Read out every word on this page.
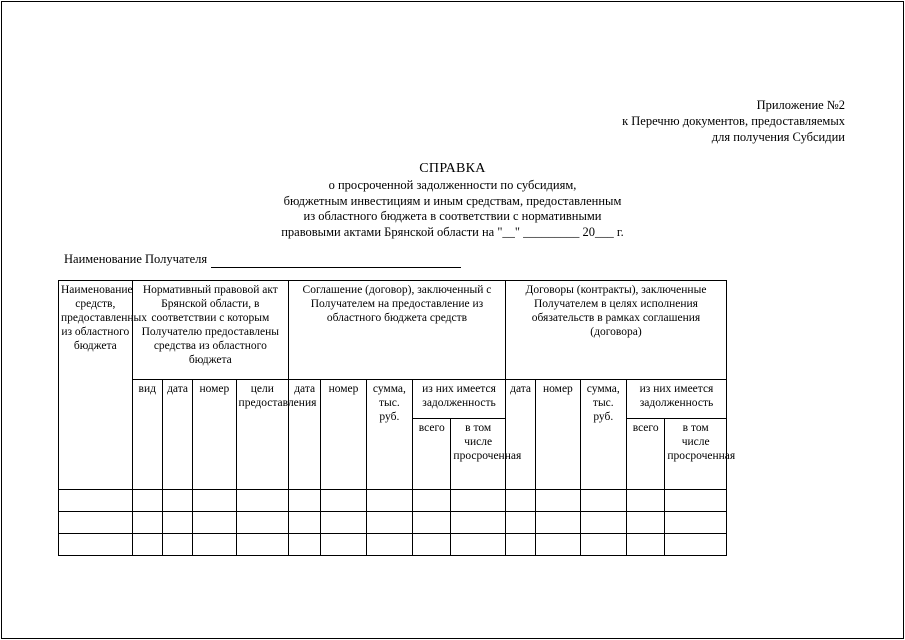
Приложение №2
к Перечню документов, предоставляемых
для получения Субсидии
СПРАВКА
о просроченной задолженности по субсидиям,
бюджетным инвестициям и иным средствам, предоставленным
из областного бюджета в соответствии с нормативными
правовыми актами Брянской области на "__" _________ 20___ г.
Наименование Получателя
Наименование средств, предоставленных из областного бюджета	Нормативный правовой акт Брянской области, в соответствии с которым Получателю предоставлены средства из областного бюджета				Соглашение (договор), заключенный с Получателем на предоставление из областного бюджета средств					Договоры (контракты), заключенные Получателем в целях исполнения обязательств в рамках соглашения (договора)				
	вид	дата	номер	цели предоставления	дата	номер	сумма, тыс. руб.	из них имеется задолженность		дата	номер	сумма, тыс. руб.	из них имеется задолженность	
								всего	в том числе просроченная				всего	в том числе просроченная
